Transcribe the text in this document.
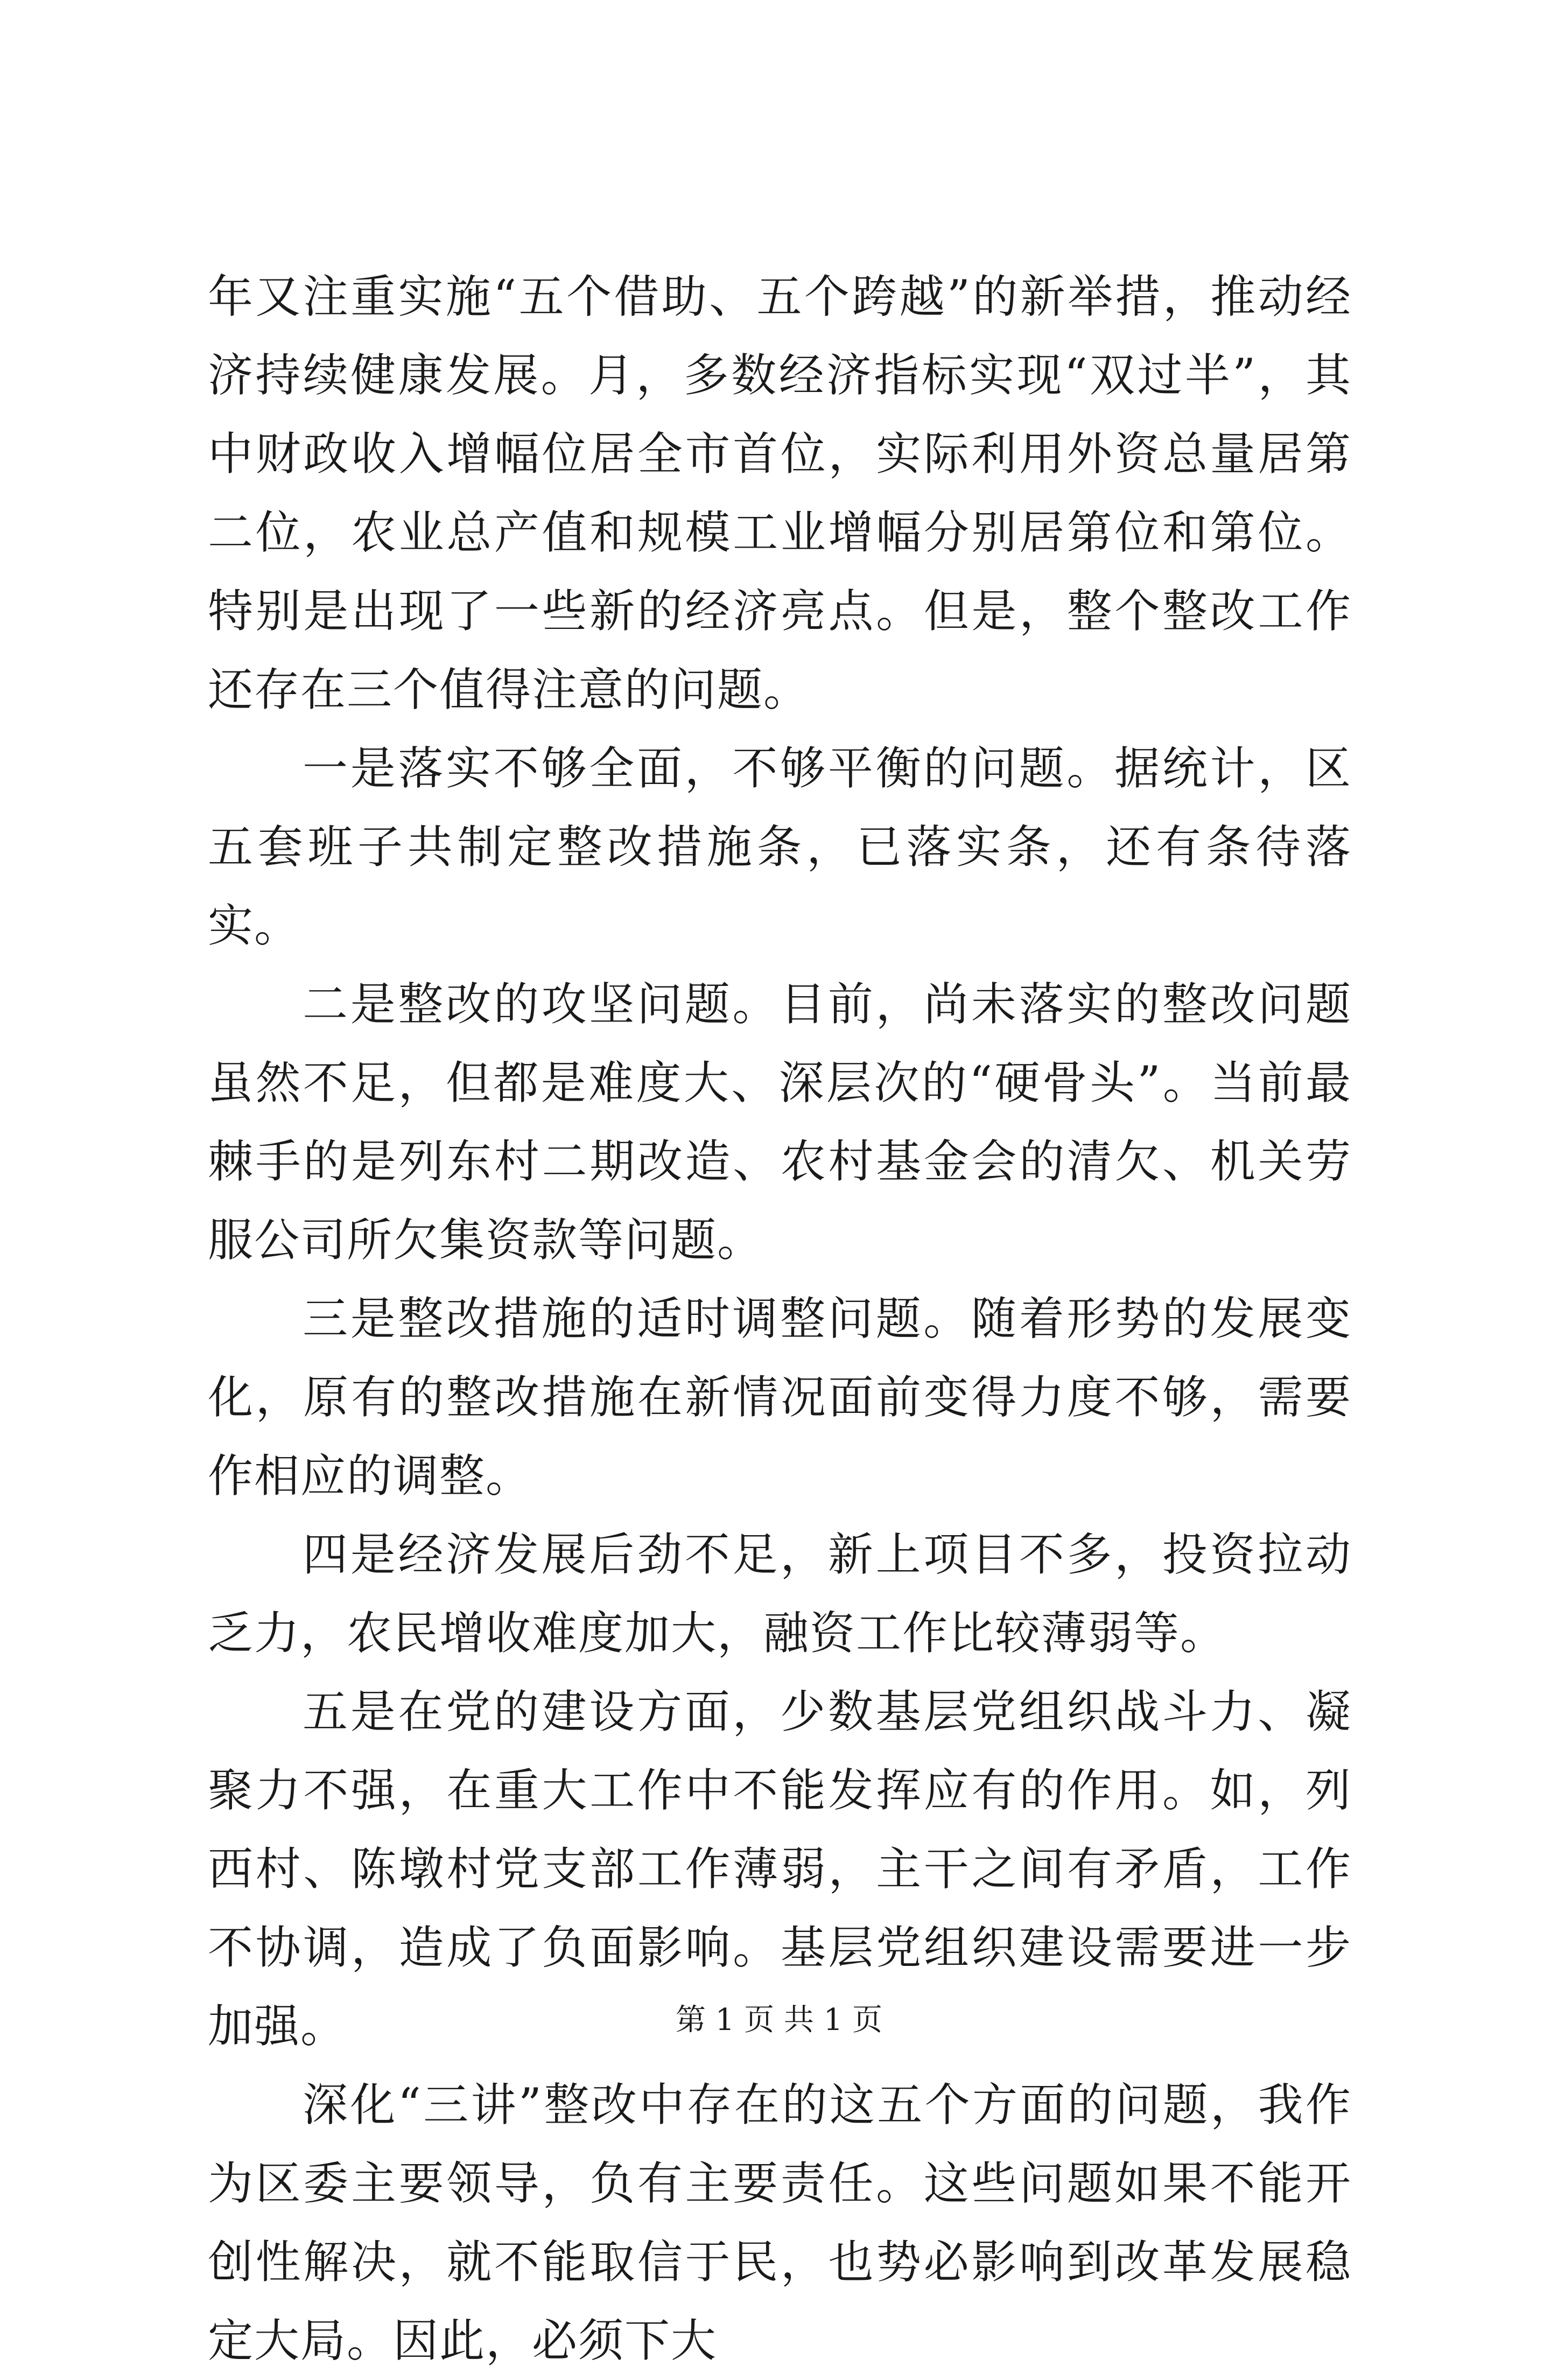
年又注重实施“五个借助、五个跨越”的新举措，推动经济持续健康发展。月，多数经济指标实现“双过半”，其中财政收入增幅位居全市首位，实际利用外资总量居第二位，农业总产值和规模工业增幅分别居第位和第位。特别是出现了一些新的经济亮点。但是，整个整改工作还存在三个值得注意的问题。

一是落实不够全面，不够平衡的问题。据统计，区五套班子共制定整改措施条，已落实条，还有条待落实。

二是整改的攻坚问题。目前，尚未落实的整改问题虽然不足，但都是难度大、深层次的“硬骨头”。当前最棘手的是列东村二期改造、农村基金会的清欠、机关劳服公司所欠集资款等问题。

三是整改措施的适时调整问题。随着形势的发展变化，原有的整改措施在新情况面前变得力度不够，需要作相应的调整。

四是经济发展后劲不足，新上项目不多，投资拉动乏力，农民增收难度加大，融资工作比较薄弱等。

五是在党的建设方面，少数基层党组织战斗力、凝聚力不强，在重大工作中不能发挥应有的作用。如，列西村、陈墩村党支部工作薄弱，主干之间有矛盾，工作不协调，造成了负面影响。基层党组织建设需要进一步加强。

深化“三讲”整改中存在的这五个方面的问题，我作为区委主要领导，负有主要责任。这些问题如果不能开创性解决，就不能取信于民，也势必影响到改革发展稳定大局。因此，必须下大

第 1 页 共 1 页
